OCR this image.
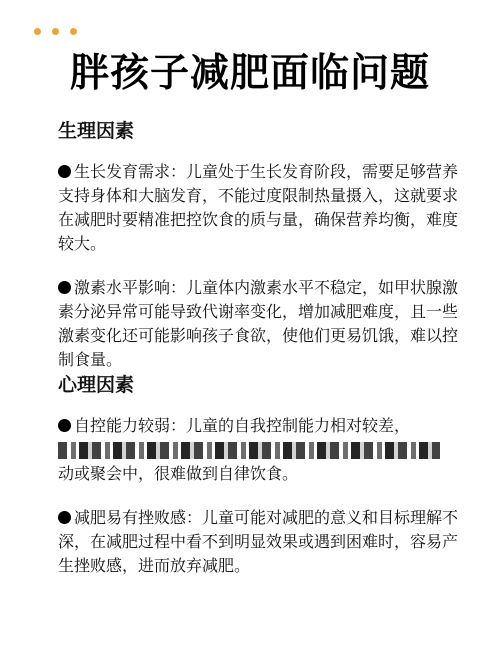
胖孩子减肥面临问题

生理因素

生长发育需求：儿童处于生长发育阶段，需要足够营养支持身体和大脑发育，不能过度限制热量摄入，这就要求在减肥时要精准把控饮食的质与量，确保营养均衡，难度较大。

激素水平影响：儿童体内激素水平不稳定，如甲状腺激素分泌异常可能导致代谢率变化，增加减肥难度，且一些激素变化还可能影响孩子食欲，使他们更易饥饿，难以控制食量。

心理因素

自控能力较弱：儿童的自我控制能力相对较差，

动或聚会中，很难做到自律饮食。

减肥易有挫败感：儿童可能对减肥的意义和目标理解不深，在减肥过程中看不到明显效果或遇到困难时，容易产生挫败感，进而放弃减肥。
